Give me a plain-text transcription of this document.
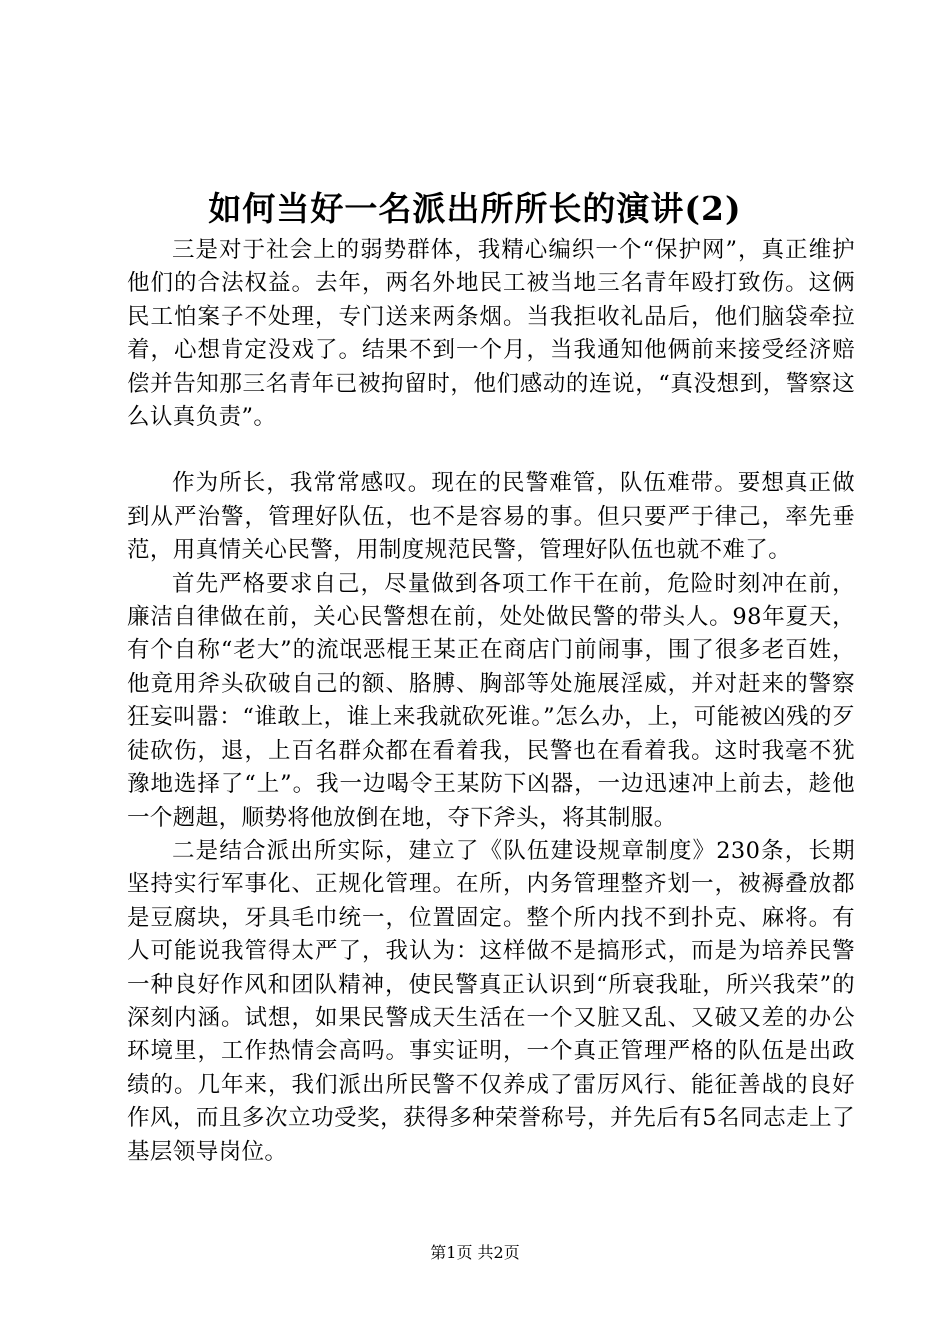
如何当好一名派出所所长的演讲(2)

三是对于社会上的弱势群体，我精心编织一个“保护网”，真正维护他们的合法权益。去年，两名外地民工被当地三名青年殴打致伤。这俩民工怕案子不处理，专门送来两条烟。当我拒收礼品后，他们脑袋牵拉着，心想肯定没戏了。结果不到一个月，当我通知他俩前来接受经济赔偿并告知那三名青年已被拘留时，他们感动的连说，“真没想到，警察这么认真负责”。

作为所长，我常常感叹。现在的民警难管，队伍难带。要想真正做到从严治警，管理好队伍，也不是容易的事。但只要严于律己，率先垂范，用真情关心民警，用制度规范民警，管理好队伍也就不难了。

首先严格要求自己，尽量做到各项工作干在前，危险时刻冲在前，廉洁自律做在前，关心民警想在前，处处做民警的带头人。98年夏天，有个自称“老大”的流氓恶棍王某正在商店门前闹事，围了很多老百姓，他竟用斧头砍破自己的额、胳膊、胸部等处施展淫威，并对赶来的警察狂妄叫嚣：“谁敢上，谁上来我就砍死谁。”怎么办，上，可能被凶残的歹徒砍伤，退，上百名群众都在看着我，民警也在看着我。这时我毫不犹豫地选择了“上”。我一边喝令王某防下凶器，一边迅速冲上前去，趁他一个趔趄，顺势将他放倒在地，夺下斧头，将其制服。

二是结合派出所实际，建立了《队伍建设规章制度》230条，长期坚持实行军事化、正规化管理。在所，内务管理整齐划一，被褥叠放都是豆腐块，牙具毛巾统一，位置固定。整个所内找不到扑克、麻将。有人可能说我管得太严了，我认为：这样做不是搞形式，而是为培养民警一种良好作风和团队精神，使民警真正认识到“所衰我耻，所兴我荣”的深刻内涵。试想，如果民警成天生活在一个又脏又乱、又破又差的办公环境里，工作热情会高吗。事实证明，一个真正管理严格的队伍是出政绩的。几年来，我们派出所民警不仅养成了雷厉风行、能征善战的良好作风，而且多次立功受奖，获得多种荣誉称号，并先后有5名同志走上了基层领导岗位。

第1页 共2页
